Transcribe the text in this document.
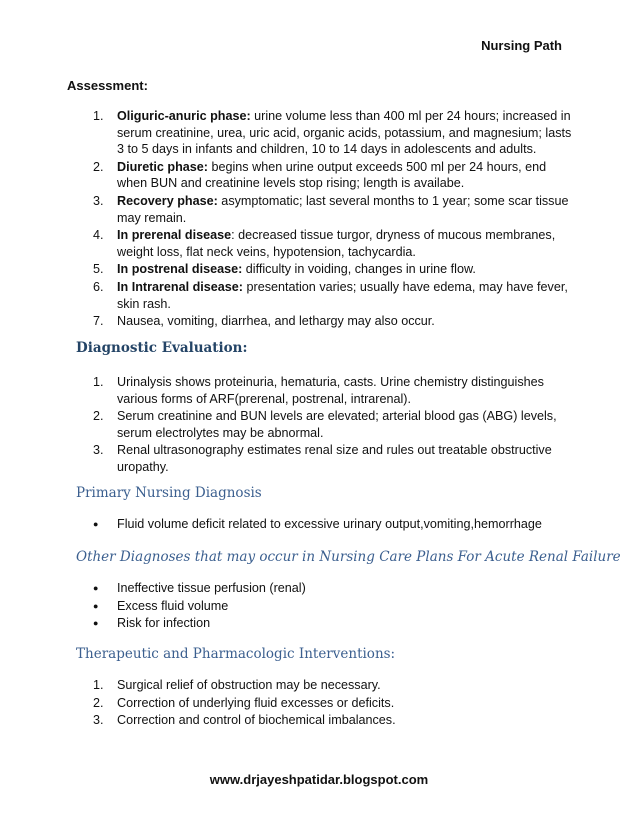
Nursing Path
Assessment:
1. Oliguric-anuric phase: urine volume less than 400 ml per 24 hours; increased in serum creatinine, urea, uric acid, organic acids, potassium, and magnesium; lasts 3 to 5 days in infants and children, 10 to 14 days in adolescents and adults.
2. Diuretic phase: begins when urine output exceeds 500 ml per 24 hours, end when BUN and creatinine levels stop rising; length is availabe.
3. Recovery phase: asymptomatic; last several months to 1 year; some scar tissue may remain.
4. In prerenal disease: decreased tissue turgor, dryness of mucous membranes, weight loss, flat neck veins, hypotension, tachycardia.
5. In postrenal disease: difficulty in voiding, changes in urine flow.
6. In Intrarenal disease: presentation varies; usually have edema, may have fever, skin rash.
7. Nausea, vomiting, diarrhea, and lethargy may also occur.
Diagnostic Evaluation:
1. Urinalysis shows proteinuria, hematuria, casts. Urine chemistry distinguishes various forms of ARF(prerenal, postrenal, intrarenal).
2. Serum creatinine and BUN levels are elevated; arterial blood gas (ABG) levels, serum electrolytes may be abnormal.
3. Renal ultrasonography estimates renal size and rules out treatable obstructive uropathy.
Primary Nursing Diagnosis
● Fluid volume deficit related to excessive urinary output,vomiting,hemorrhage
Other Diagnoses that may occur in Nursing Care Plans For Acute Renal Failure
● Ineffective tissue perfusion (renal)
● Excess fluid volume
● Risk for infection
Therapeutic and Pharmacologic Interventions:
1. Surgical relief of obstruction may be necessary.
2. Correction of underlying fluid excesses or deficits.
3. Correction and control of biochemical imbalances.
www.drjayeshpatidar.blogspot.com
